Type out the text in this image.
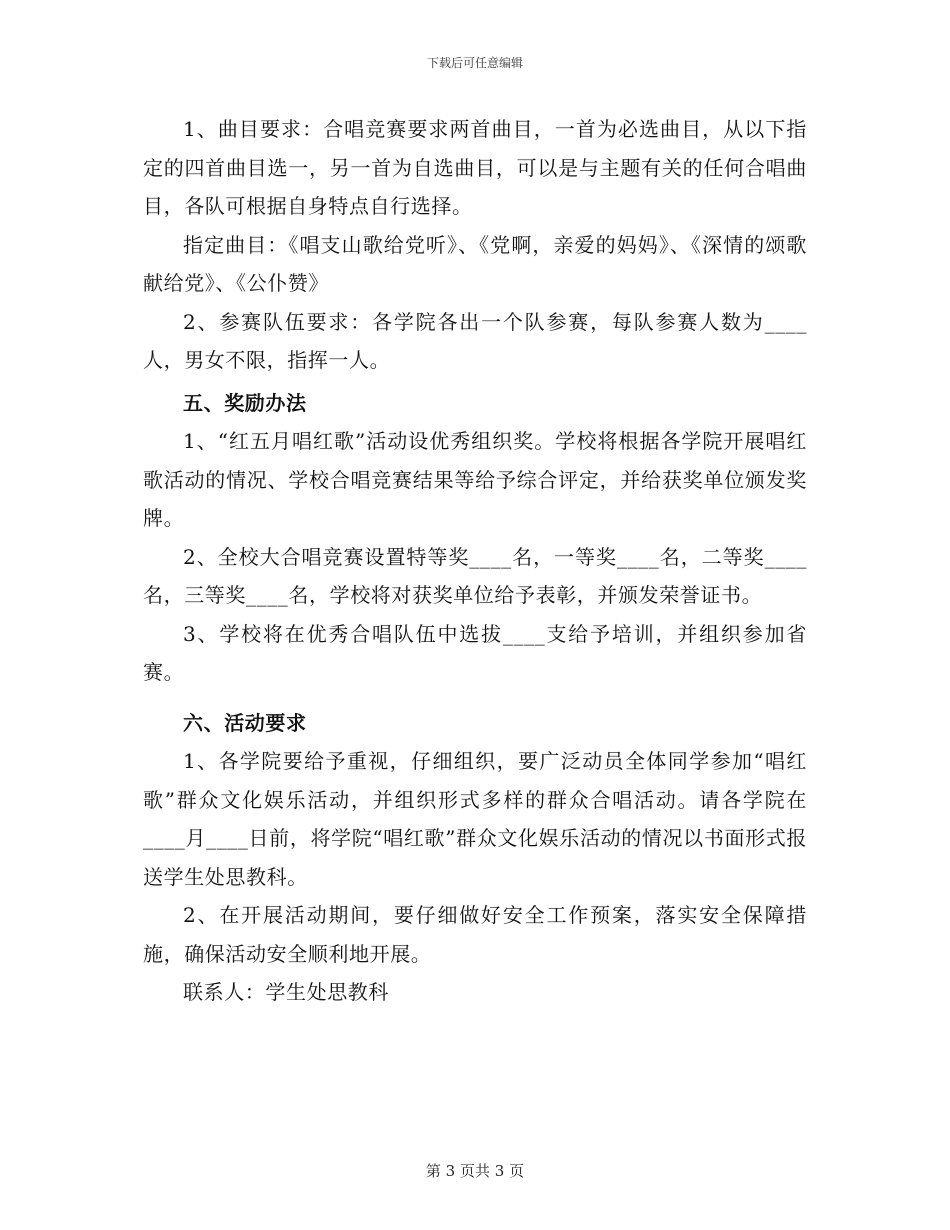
下载后可任意编辑

1、曲目要求：合唱竞赛要求两首曲目，一首为必选曲目，从以下指定的四首曲目选一，另一首为自选曲目，可以是与主题有关的任何合唱曲目，各队可根据自身特点自行选择。

指定曲目：《唱支山歌给党听》、《党啊，亲爱的妈妈》、《深情的颂歌献给党》、《公仆赞》

2、参赛队伍要求：各学院各出一个队参赛，每队参赛人数为____人，男女不限，指挥一人。

五、奖励办法

1、“红五月唱红歌”活动设优秀组织奖。学校将根据各学院开展唱红歌活动的情况、学校合唱竞赛结果等给予综合评定，并给获奖单位颁发奖牌。

2、全校大合唱竞赛设置特等奖____名，一等奖____名，二等奖____名，三等奖____名，学校将对获奖单位给予表彰，并颁发荣誉证书。

3、学校将在优秀合唱队伍中选拔____支给予培训，并组织参加省赛。

六、活动要求

1、各学院要给予重视，仔细组织，要广泛动员全体同学参加“唱红歌”群众文化娱乐活动，并组织形式多样的群众合唱活动。请各学院在____月____日前，将学院“唱红歌”群众文化娱乐活动的情况以书面形式报送学生处思教科。

2、在开展活动期间，要仔细做好安全工作预案，落实安全保障措施，确保活动安全顺利地开展。

联系人：学生处思教科

第 3 页共 3 页
